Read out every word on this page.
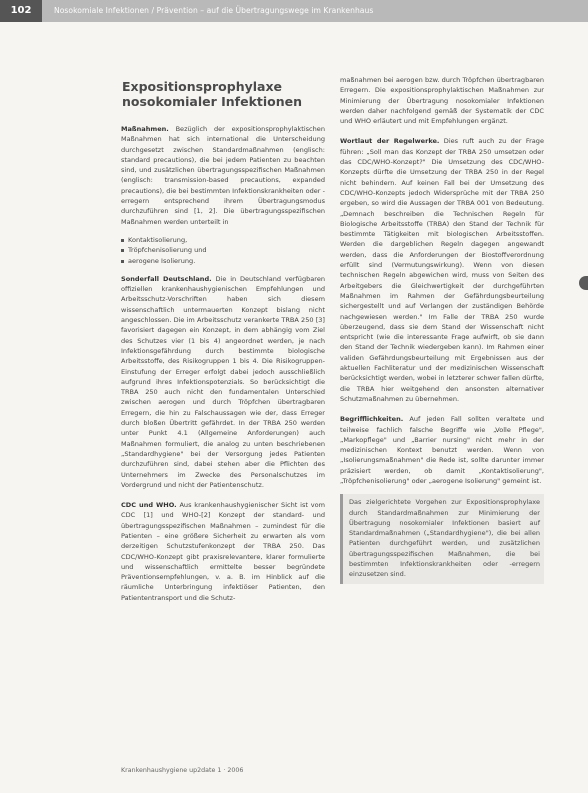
102	Nosokomiale Infektionen / Prävention – auf die Übertragungswege im Krankenhaus
Expositionsprophylaxe
nosokomialer Infektionen

Maßnahmen. Bezüglich der expositionsprophylaktischen Maßnahmen hat sich international die Unterscheidung durchgesetzt zwischen Standardmaßnahmen (englisch: standard precautions), die bei jedem Patienten zu beachten sind, und zusätzlichen übertragungsspezifischen Maßnahmen (englisch: transmission-based precautions, expanded precautions), die bei bestimmten Infektionskrankheiten oder -erregern entsprechend ihrem Übertragungsmodus durchzuführen sind [1, 2]. Die übertragungsspezifischen Maßnahmen werden unterteilt in

Kontaktisolierung,
Tröpfchenisolierung und
aerogene Isolierung.

Sonderfall Deutschland. Die in Deutschland verfügbaren offiziellen krankenhaushygienischen Empfehlungen und Arbeitsschutz-Vorschriften haben sich diesem wissenschaftlich untermauerten Konzept bislang nicht angeschlossen. Die im Arbeitsschutz verankerte TRBA 250 [3] favorisiert dagegen ein Konzept, in dem abhängig vom Ziel des Schutzes vier (1 bis 4) angeordnet werden, je nach Infektionsgefährdung durch bestimmte biologische Arbeitsstoffe, des Risikogruppen 1 bis 4. Die Risikogruppen-Einstufung der Erreger erfolgt dabei jedoch ausschließlich aufgrund ihres Infektionspotenzials. So berücksichtigt die TRBA 250 auch nicht den fundamentalen Unterschied zwischen aerogen und durch Tröpfchen übertragbaren Erregern, die hin zu Falschaussagen wie der, dass Erreger durch bloßen Übertritt gefährdet. In der TRBA 250 werden unter Punkt 4.1 (Allgemeine Anforderungen) auch Maßnahmen formuliert, die analog zu unten beschriebenen „Standardhygiene" bei der Versorgung jedes Patienten durchzuführen sind, dabei stehen aber die Pflichten des Unternehmers im Zwecke des Personalschutzes im Vordergrund und nicht der Patientenschutz.

CDC und WHO. Aus krankenhaushygienischer Sicht ist vom CDC [1] und WHO-[2] Konzept der standard- und übertragungsspezifischen Maßnahmen – zumindest für die Patienten – eine größere Sicherheit zu erwarten als vom derzeitigen Schutzstufenkonzept der TRBA 250. Das CDC/WHO-Konzept gibt praxisrelevantere, klarer formulierte und wissenschaftlich ermittelte besser begründete Präventionsempfehlungen, v. a. B. im Hinblick auf die räumliche Unterbringung infektiöser Patienten, den Patiententransport und die Schutz-

maßnahmen bei aerogen bzw. durch Tröpfchen übertragbaren Erregern. Die expositionsprophylaktischen Maßnahmen zur Minimierung der Übertragung nosokomialer Infektionen werden daher nachfolgend gemäß der Systematik der CDC und WHO erläutert und mit Empfehlungen ergänzt.

Wortlaut der Regelwerke. Dies ruft auch zu der Frage führen: „Soll man das Konzept der TRBA 250 umsetzen oder das CDC/WHO-Konzept?" Die Umsetzung des CDC/WHO-Konzepts dürfte die Umsetzung der TRBA 250 in der Regel nicht behindern. Auf keinen Fall bei der Umsetzung des CDC/WHO-Konzepts jedoch Widersprüche mit der TRBA 250 ergeben, so wird die Aussagen der TRBA 001 von Bedeutung. „Demnach beschreiben die Technischen Regeln für Biologische Arbeitsstoffe (TRBA) den Stand der Technik für bestimmte Tätigkeiten mit biologischen Arbeitsstoffen. Werden die dargeblichen Regeln dagegen angewandt werden, dass die Anforderungen der Biostoffverordnung erfüllt sind (Vermutungswirkung). Wenn von diesen technischen Regeln abgewichen wird, muss von Seiten des Arbeitgebers die Gleichwertigkeit der durchgeführten Maßnahmen im Rahmen der Gefährdungsbeurteilung sichergestellt und auf Verlangen der zuständigen Behörde nachgewiesen werden." Im Falle der TRBA 250 wurde überzeugend, dass sie dem Stand der Wissenschaft nicht entspricht (wie die interessante Frage aufwirft, ob sie dann den Stand der Technik wiedergeben kann). Im Rahmen einer validen Gefährdungsbeurteilung mit Ergebnissen aus der aktuellen Fachliteratur und der medizinischen Wissenschaft berücksichtigt werden, wobei in letzterer schwer fallen dürfte, die TRBA hier weitgehend den ansonsten alternativer Schutzmaßnahmen zu übernehmen.

Begrifflichkeiten. Auf jeden Fall sollten veraltete und teilweise fachlich falsche Begriffe wie „Volle Pflege", „Markopflege" und „Barrier nursing" nicht mehr in der medizinischen Kontext benutzt werden. Wenn von „Isolierungsmaßnahmen" die Rede ist, sollte darunter immer präzisiert werden, ob damit „Kontaktisolierung", „Tröpfchenisolierung" oder „aerogene Isolierung" gemeint ist.

Das zielgerichtete Vorgehen zur Expositionsprophylaxe durch Standardmaßnahmen zur Minimierung der Übertragung nosokomialer Infektionen basiert auf Standardmaßnahmen („Standardhygiene"), die bei allen Patienten durchgeführt werden, und zusätzlichen übertragungsspezifischen Maßnahmen, die bei bestimmten Infektionskrankheiten oder -erregern einzusetzen sind.
Krankenhaushygiene up2date 1 · 2006
